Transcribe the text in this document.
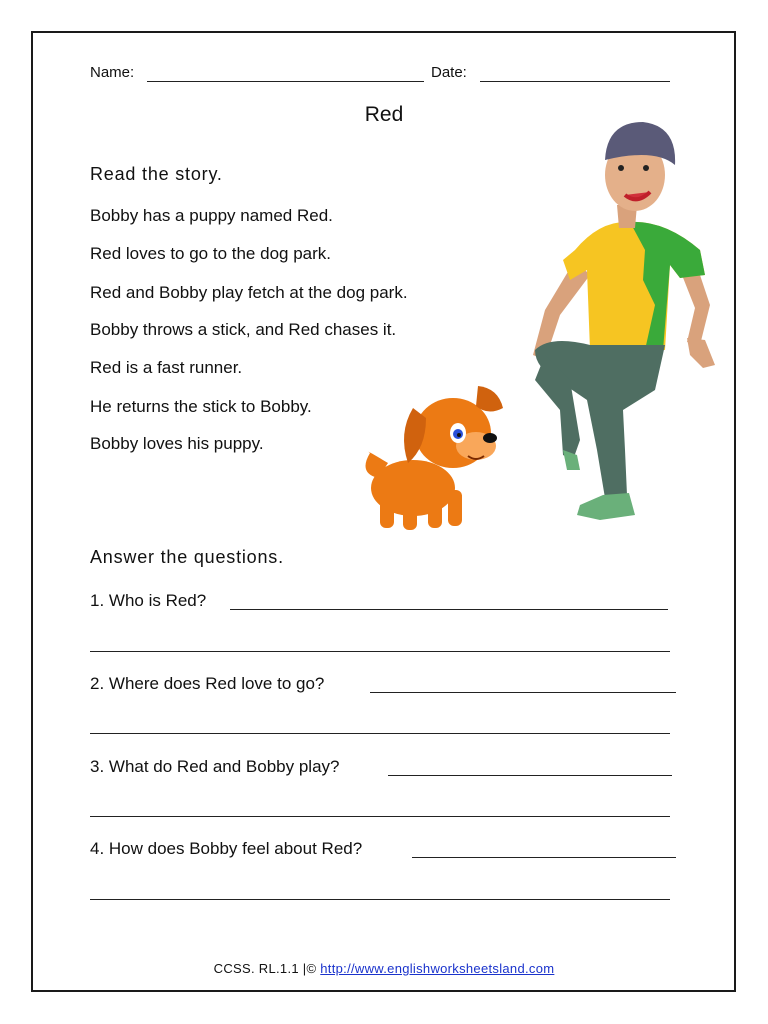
Name:	Date:
Red
Read the story.
Bobby has a puppy named Red.
Red loves to go to the dog park.
Red and Bobby play fetch at the dog park.
Bobby throws a stick, and Red chases it.
Red is a fast runner.
He returns the stick to Bobby.
Bobby loves his puppy.
Answer the questions.
1. Who is Red?
2. Where does Red love to go?
3. What do Red and Bobby play?
4. How does Bobby feel about Red?
CCSS. RL.1.1 |© http://www.englishworksheetsland.com
